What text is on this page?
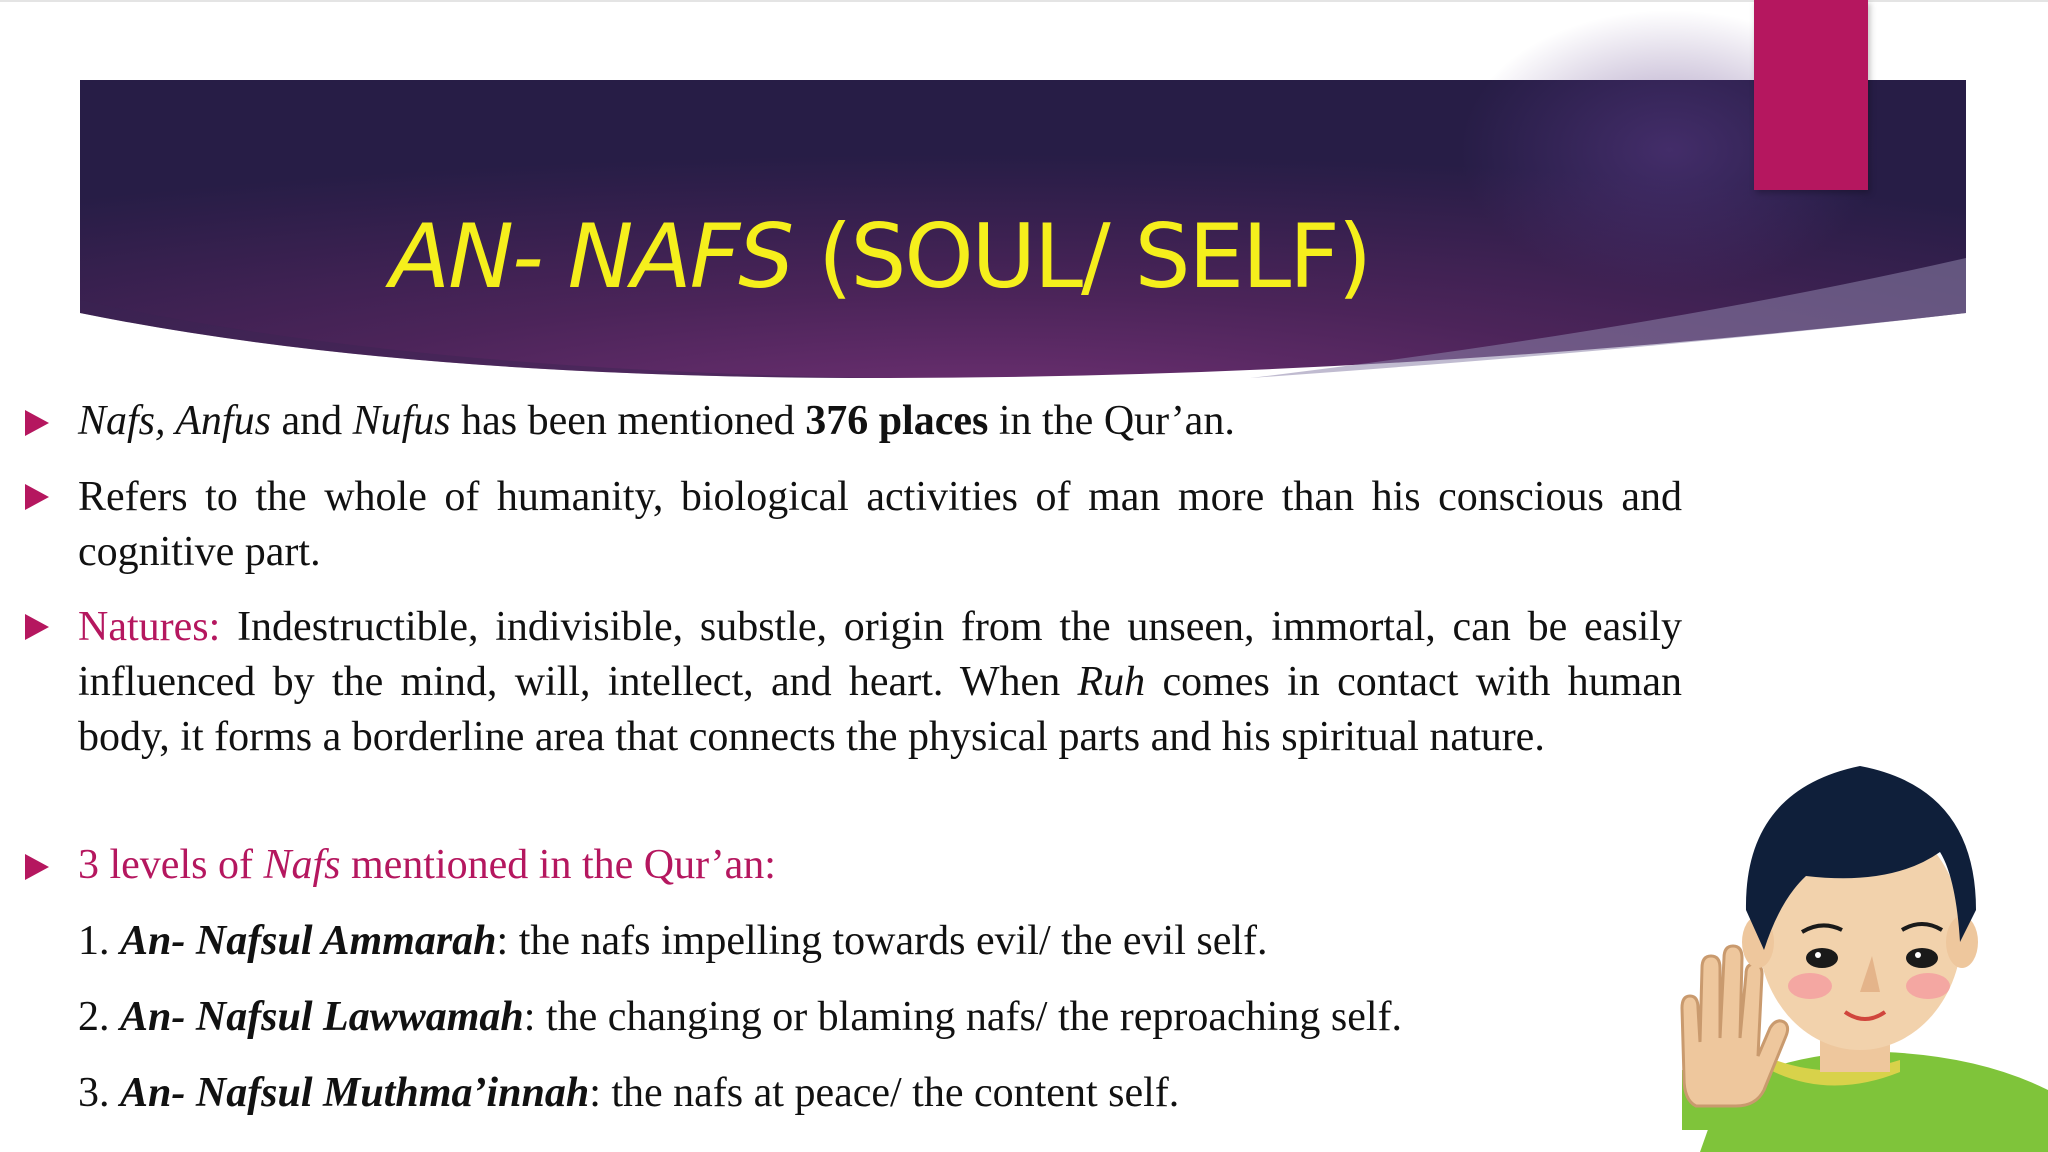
AN- NAFS (SOUL/ SELF)
Nafs, Anfus and Nufus has been mentioned 376 places in the Qur’an.
Refers to the whole of humanity, biological activities of man more than his conscious and cognitive part.
Natures: Indestructible, indivisible, substle, origin from the unseen, immortal, can be easily influenced by the mind, will, intellect, and heart. When Ruh comes in contact with human body, it forms a borderline area that connects the physical parts and his spiritual nature.
3 levels of Nafs mentioned in the Qur’an:
1. An- Nafsul Ammarah: the nafs impelling towards evil/ the evil self.
2. An- Nafsul Lawwamah: the changing or blaming nafs/ the reproaching self.
3. An- Nafsul Muthma’innah: the nafs at peace/ the content self.
